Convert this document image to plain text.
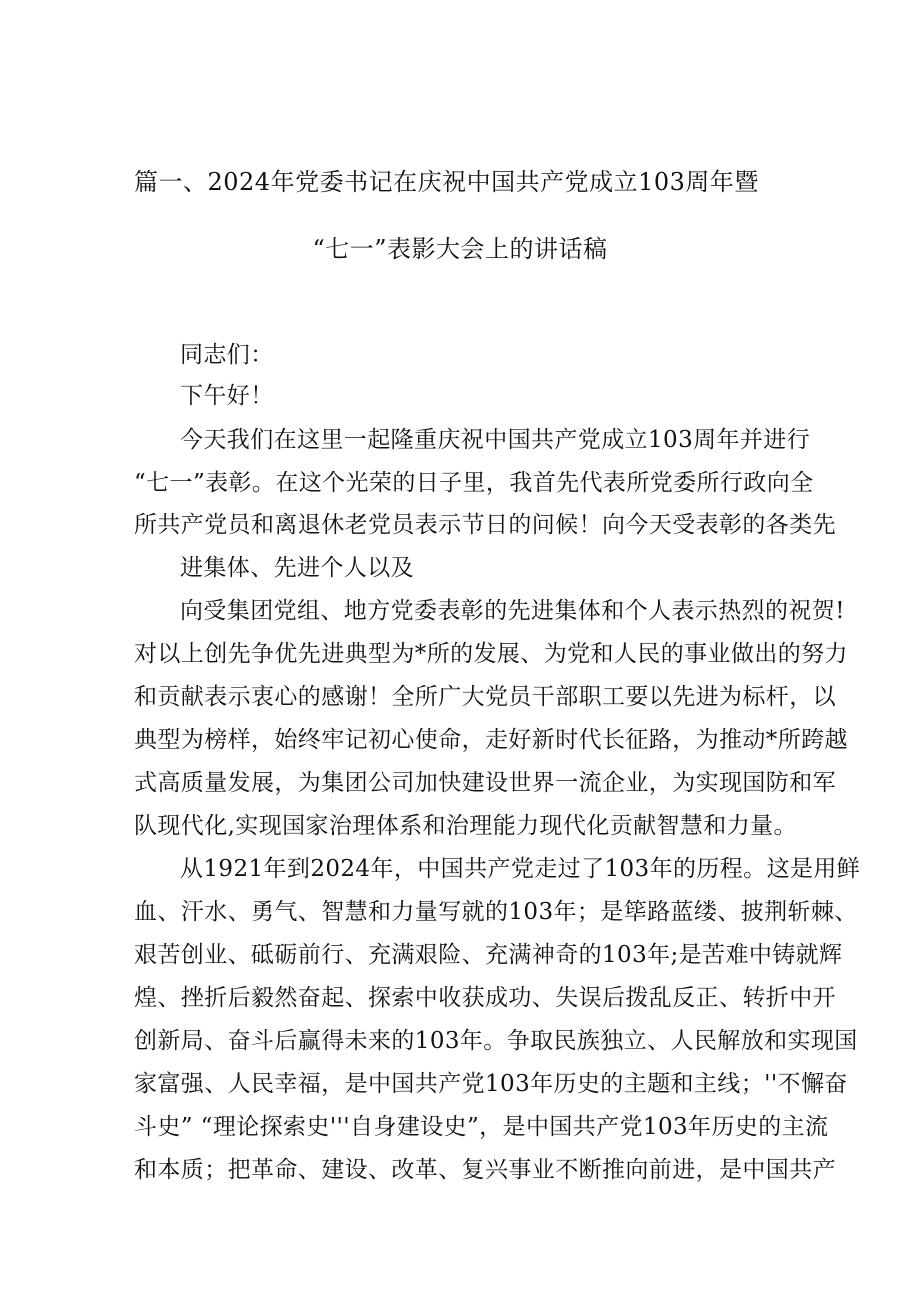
篇一、2024年党委书记在庆祝中国共产党成立103周年暨
“七一”表影大会上的讲话稿

同志们：

下午好！

今天我们在这里一起隆重庆祝中国共产党成立103周年并进行

“七一”表彰。在这个光荣的日子里，我首先代表所党委所行政向全

所共产党员和离退休老党员表示节日的问候！向今天受表彰的各类先

进集体、先进个人以及

向受集团党组、地方党委表彰的先进集体和个人表示热烈的祝贺!

对以上创先争优先进典型为*所的发展、为党和人民的事业做出的努力

和贡献表示衷心的感谢！全所广大党员干部职工要以先进为标杆，以

典型为榜样，始终牢记初心使命，走好新时代长征路，为推动*所跨越

式高质量发展，为集团公司加快建设世界一流企业，为实现国防和军

队现代化,实现国家治理体系和治理能力现代化贡献智慧和力量。

从1921年到2024年，中国共产党走过了103年的历程。这是用鲜

血、汗水、勇气、智慧和力量写就的103年；是筚路蓝缕、披荆斩棘、

艰苦创业、砥砺前行、充满艰险、充满神奇的103年;是苦难中铸就辉

煌、挫折后毅然奋起、探索中收获成功、失误后拨乱反正、转折中开

创新局、奋斗后赢得未来的103年。争取民族独立、人民解放和实现国

家富强、人民幸福，是中国共产党103年历史的主题和主线；''不懈奋

斗史” “理论探索史'''自身建设史”，是中国共产党103年历史的主流

和本质；把革命、建设、改革、复兴事业不断推向前进，是中国共产
